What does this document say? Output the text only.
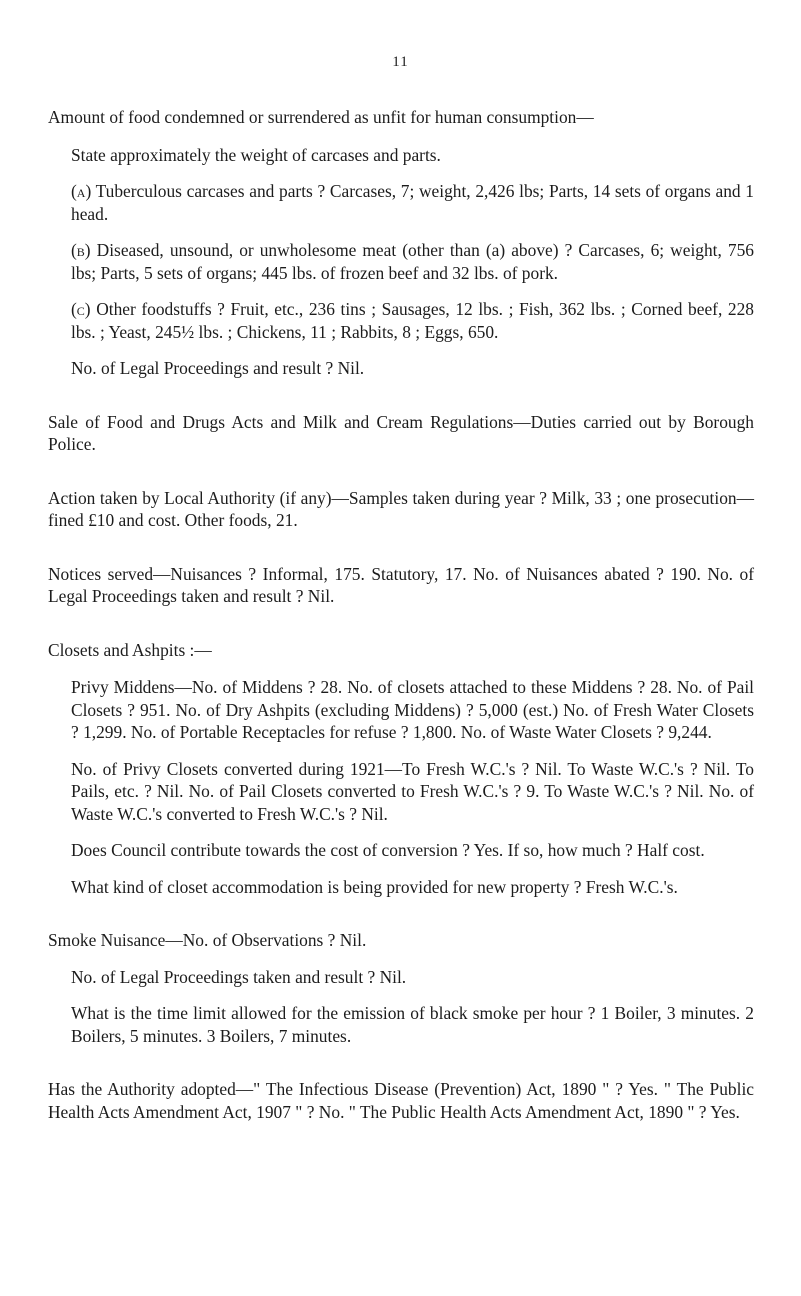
11

Amount of food condemned or surrendered as unfit for human consumption—

State approximately the weight of carcases and parts.

(a) Tuberculous carcases and parts ? Carcases, 7; weight, 2,426 lbs; Parts, 14 sets of organs and 1 head.

(b) Diseased, unsound, or unwholesome meat (other than (a) above) ? Carcases, 6; weight, 756 lbs; Parts, 5 sets of organs; 445 lbs. of frozen beef and 32 lbs. of pork.

(c) Other foodstuffs ? Fruit, etc., 236 tins ; Sausages, 12 lbs. ; Fish, 362 lbs. ; Corned beef, 228 lbs. ; Yeast, 245½ lbs. ; Chickens, 11 ; Rabbits, 8 ; Eggs, 650.

No. of Legal Proceedings and result ? Nil.

Sale of Food and Drugs Acts and Milk and Cream Regulations—Duties carried out by Borough Police.

Action taken by Local Authority (if any)—Samples taken during year ? Milk, 33 ; one prosecution—fined £10 and cost. Other foods, 21.

Notices served—Nuisances ? Informal, 175. Statutory, 17. No. of Nuisances abated ? 190. No. of Legal Proceedings taken and result ? Nil.

Closets and Ashpits :—

Privy Middens—No. of Middens ? 28. No. of closets attached to these Middens ? 28. No. of Pail Closets ? 951. No. of Dry Ashpits (excluding Middens) ? 5,000 (est.) No. of Fresh Water Closets ? 1,299. No. of Portable Receptacles for refuse ? 1,800. No. of Waste Water Closets ? 9,244.

No. of Privy Closets converted during 1921—To Fresh W.C.'s ? Nil. To Waste W.C.'s ? Nil. To Pails, etc. ? Nil. No. of Pail Closets converted to Fresh W.C.'s ? 9. To Waste W.C.'s ? Nil. No. of Waste W.C.'s converted to Fresh W.C.'s ? Nil.

Does Council contribute towards the cost of conversion ? Yes. If so, how much ? Half cost.

What kind of closet accommodation is being provided for new property ? Fresh W.C.'s.

Smoke Nuisance—No. of Observations ? Nil.

No. of Legal Proceedings taken and result ? Nil.

What is the time limit allowed for the emission of black smoke per hour ? 1 Boiler, 3 minutes. 2 Boilers, 5 minutes. 3 Boilers, 7 minutes.

Has the Authority adopted—" The Infectious Disease (Prevention) Act, 1890 " ? Yes. " The Public Health Acts Amendment Act, 1907 " ? No. " The Public Health Acts Amendment Act, 1890 " ? Yes.
